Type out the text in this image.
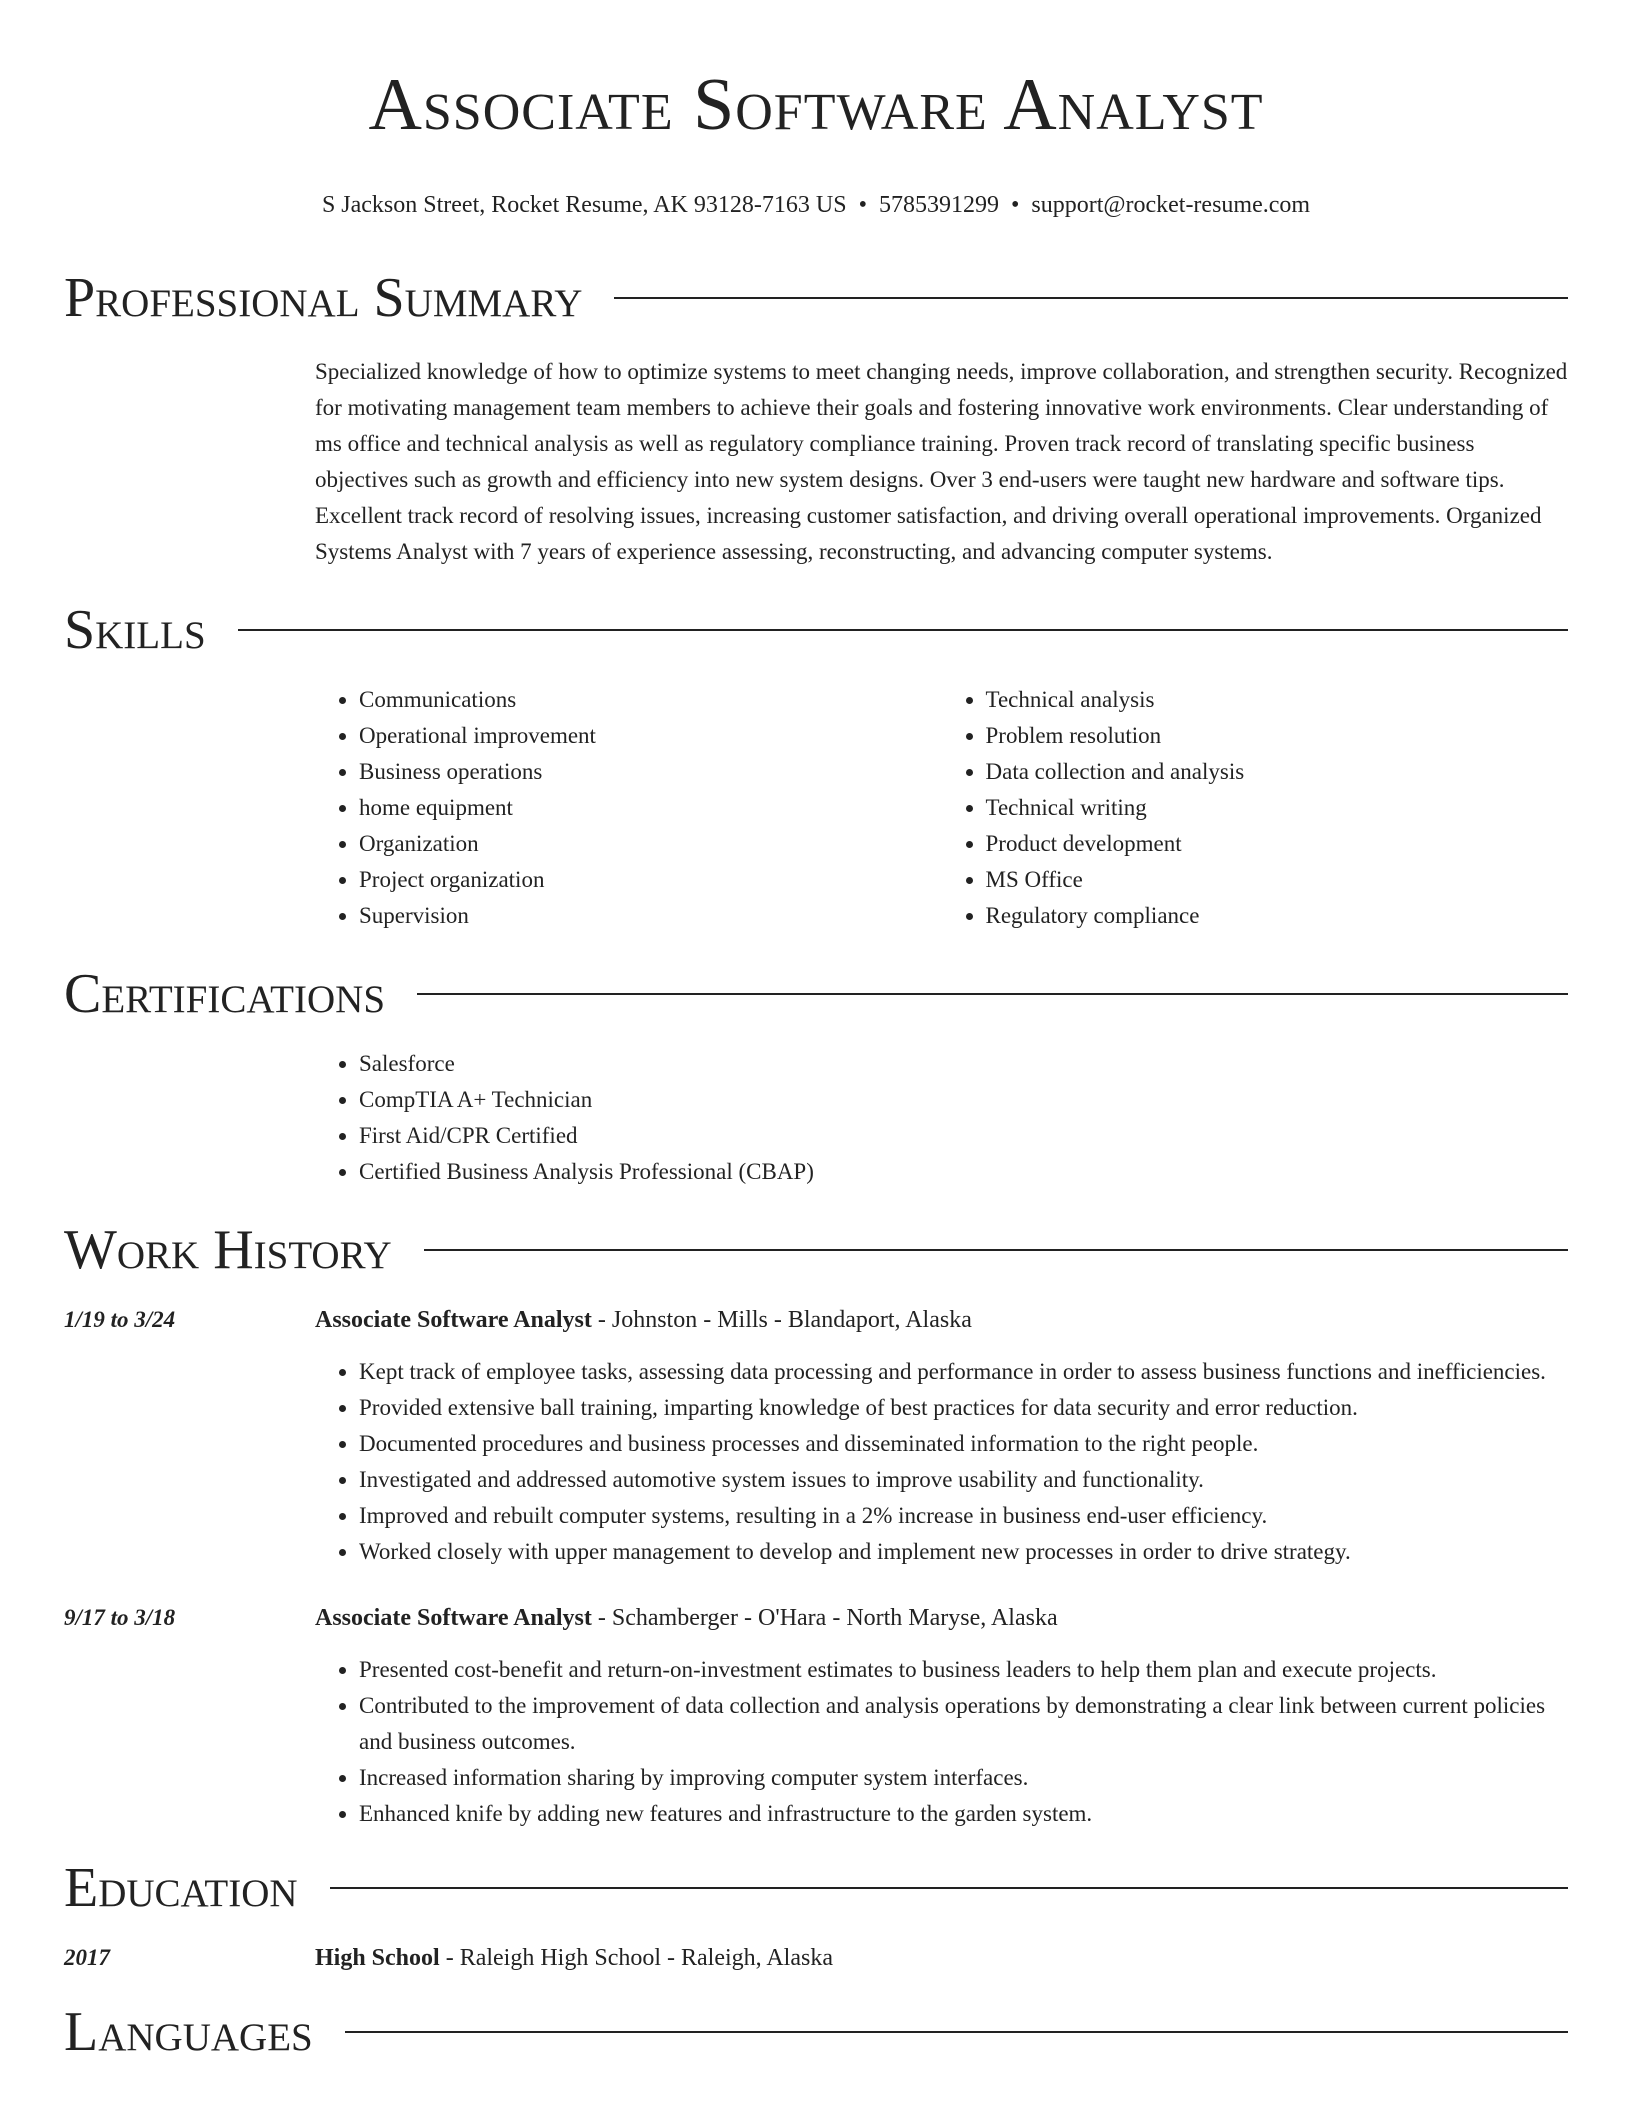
Associate Software Analyst
S Jackson Street, Rocket Resume, AK 93128-7163 US • 5785391299 • support@rocket-resume.com
Professional Summary
Specialized knowledge of how to optimize systems to meet changing needs, improve collaboration, and strengthen security. Recognized for motivating management team members to achieve their goals and fostering innovative work environments. Clear understanding of ms office and technical analysis as well as regulatory compliance training. Proven track record of translating specific business objectives such as growth and efficiency into new system designs. Over 3 end-users were taught new hardware and software tips. Excellent track record of resolving issues, increasing customer satisfaction, and driving overall operational improvements. Organized Systems Analyst with 7 years of experience assessing, reconstructing, and advancing computer systems.
Skills
• Communications
• Operational improvement
• Business operations
• home equipment
• Organization
• Project organization
• Supervision
• Technical analysis
• Problem resolution
• Data collection and analysis
• Technical writing
• Product development
• MS Office
• Regulatory compliance
Certifications
• Salesforce
• CompTIA A+ Technician
• First Aid/CPR Certified
• Certified Business Analysis Professional (CBAP)
Work History
1/19 to 3/24	Associate Software Analyst - Johnston - Mills - Blandaport, Alaska
• Kept track of employee tasks, assessing data processing and performance in order to assess business functions and inefficiencies.
• Provided extensive ball training, imparting knowledge of best practices for data security and error reduction.
• Documented procedures and business processes and disseminated information to the right people.
• Investigated and addressed automotive system issues to improve usability and functionality.
• Improved and rebuilt computer systems, resulting in a 2% increase in business end-user efficiency.
• Worked closely with upper management to develop and implement new processes in order to drive strategy.
9/17 to 3/18	Associate Software Analyst - Schamberger - O'Hara - North Maryse, Alaska
• Presented cost-benefit and return-on-investment estimates to business leaders to help them plan and execute projects.
• Contributed to the improvement of data collection and analysis operations by demonstrating a clear link between current policies and business outcomes.
• Increased information sharing by improving computer system interfaces.
• Enhanced knife by adding new features and infrastructure to the garden system.
Education
2017	High School - Raleigh High School - Raleigh, Alaska
Languages
